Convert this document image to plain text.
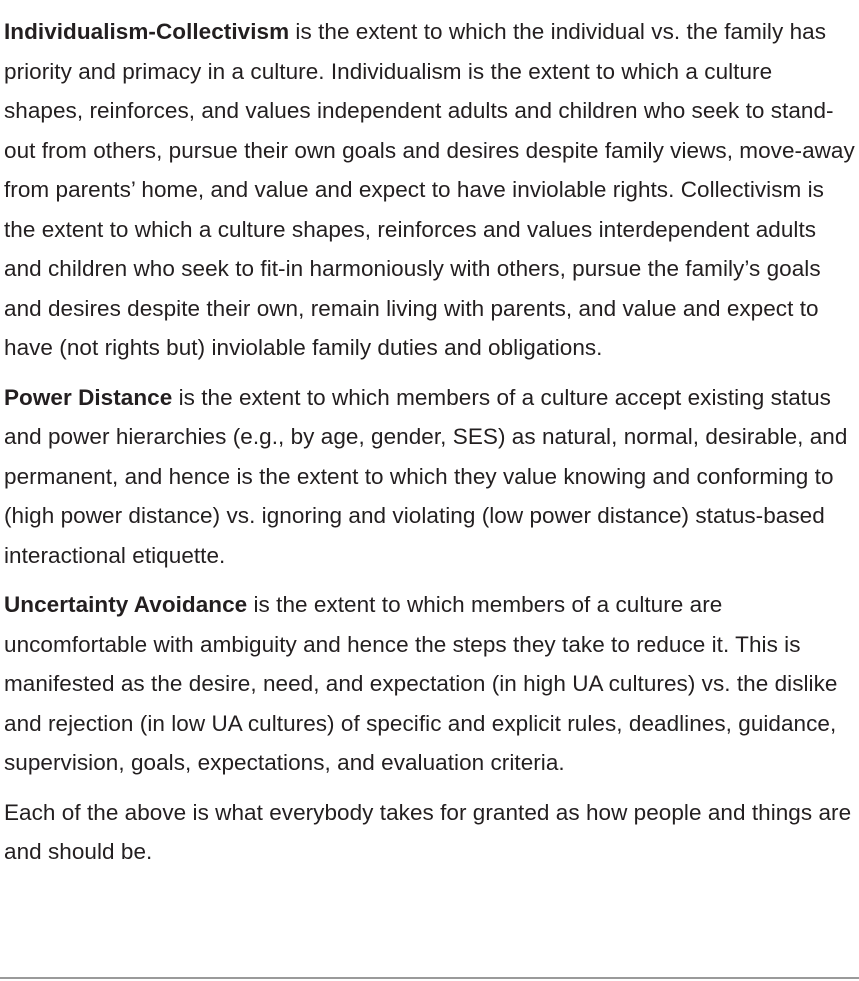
Individualism-Collectivism is the extent to which the individual vs. the family has priority and primacy in a culture. Individualism is the extent to which a culture shapes, reinforces, and values independent adults and children who seek to stand-out from others, pursue their own goals and desires despite family views, move-away from parents’ home, and value and expect to have inviolable rights. Collectivism is the extent to which a culture shapes, reinforces and values interdependent adults and children who seek to fit-in harmoniously with others, pursue the family’s goals and desires despite their own, remain living with parents, and value and expect to have (not rights but) inviolable family duties and obligations.

Power Distance is the extent to which members of a culture accept existing status and power hierarchies (e.g., by age, gender, SES) as natural, normal, desirable, and permanent, and hence is the extent to which they value knowing and conforming to (high power distance) vs. ignoring and violating (low power distance) status-based interactional etiquette.

Uncertainty Avoidance is the extent to which members of a culture are uncomfortable with ambiguity and hence the steps they take to reduce it. This is manifested as the desire, need, and expectation (in high UA cultures) vs. the dislike and rejection (in low UA cultures) of specific and explicit rules, deadlines, guidance, supervision, goals, expectations, and evaluation criteria.

Each of the above is what everybody takes for granted as how people and things are and should be.
